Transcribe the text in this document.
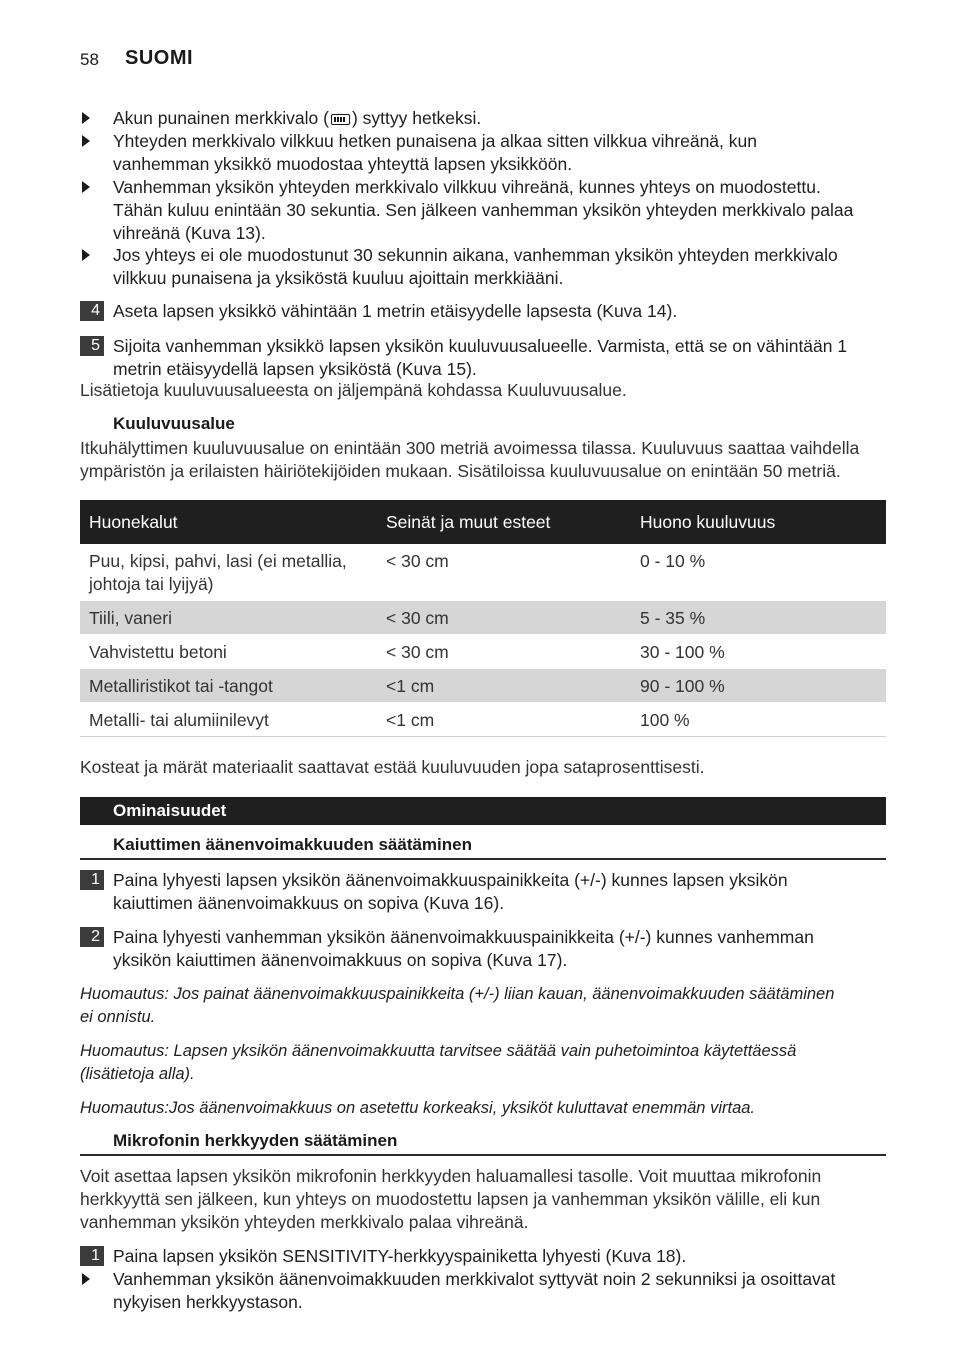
58 SUOMI
Akun punainen merkkivalo ( ) syttyy hetkeksi.
Yhteyden merkkivalo vilkkuu hetken punaisena ja alkaa sitten vilkkua vihreänä, kun
vanhemman yksikkö muodostaa yhteyttä lapsen yksikköön.
Vanhemman yksikön yhteyden merkkivalo vilkkuu vihreänä, kunnes yhteys on muodostettu.
Tähän kuluu enintään 30 sekuntia. Sen jälkeen vanhemman yksikön yhteyden merkkivalo palaa
vihreänä (Kuva 13).
Jos yhteys ei ole muodostunut 30 sekunnin aikana, vanhemman yksikön yhteyden merkkivalo
vilkkuu punaisena ja yksiköstä kuuluu ajoittain merkkiääni.
4 Aseta lapsen yksikkö vähintään 1 metrin etäisyydelle lapsesta (Kuva 14).
5 Sijoita vanhemman yksikkö lapsen yksikön kuuluvuusalueelle. Varmista, että se on vähintään 1
metrin etäisyydellä lapsen yksiköstä (Kuva 15).
Lisätietoja kuuluvuusalueesta on jäljempänä kohdassa Kuuluvuusalue.
Kuuluvuusalue
Itkuhälyttimen kuuluvuusalue on enintään 300 metriä avoimessa tilassa. Kuuluvuus saattaa vaihdella
ympäristön ja erilaisten häiriötekijöiden mukaan. Sisätiloissa kuuluvuusalue on enintään 50 metriä.
Huonekalut	Seinät ja muut esteet	Huono kuuluvuus
Puu, kipsi, pahvi, lasi (ei metallia,
johtoja tai lyijyä)
< 30 cm	0 - 10 %
Tiili, vaneri	< 30 cm	5 - 35 %
Vahvistettu betoni	< 30 cm	30 - 100 %
Metalliristikot tai -tangot	<1 cm	90 - 100 %
Metalli- tai alumiinilevyt	<1 cm	100 %
Kosteat ja märät materiaalit saattavat estää kuuluvuuden jopa sataprosenttisesti.
Ominaisuudet
Kaiuttimen äänenvoimakkuuden säätäminen
1 Paina lyhyesti lapsen yksikön äänenvoimakkuuspainikkeita (+/-) kunnes lapsen yksikön
kaiuttimen äänenvoimakkuus on sopiva (Kuva 16).
2 Paina lyhyesti vanhemman yksikön äänenvoimakkuuspainikkeita (+/-) kunnes vanhemman
yksikön kaiuttimen äänenvoimakkuus on sopiva (Kuva 17).
Huomautus: Jos painat äänenvoimakkuuspainikkeita (+/-) liian kauan, äänenvoimakkuuden säätäminen
ei onnistu.
Huomautus: Lapsen yksikön äänenvoimakkuutta tarvitsee säätää vain puhetoimintoa käytettäessä
(lisätietoja alla).
Huomautus:Jos äänenvoimakkuus on asetettu korkeaksi, yksiköt kuluttavat enemmän virtaa.
Mikrofonin herkkyyden säätäminen
Voit asettaa lapsen yksikön mikrofonin herkkyyden haluamallesi tasolle. Voit muuttaa mikrofonin
herkkyyttä sen jälkeen, kun yhteys on muodostettu lapsen ja vanhemman yksikön välille, eli kun
vanhemman yksikön yhteyden merkkivalo palaa vihreänä.
1 Paina lapsen yksikön SENSITIVITY-herkkyyspainiketta lyhyesti (Kuva 18).
Vanhemman yksikön äänenvoimakkuuden merkkivalot syttyvät noin 2 sekunniksi ja osoittavat
nykyisen herkkyystason.
